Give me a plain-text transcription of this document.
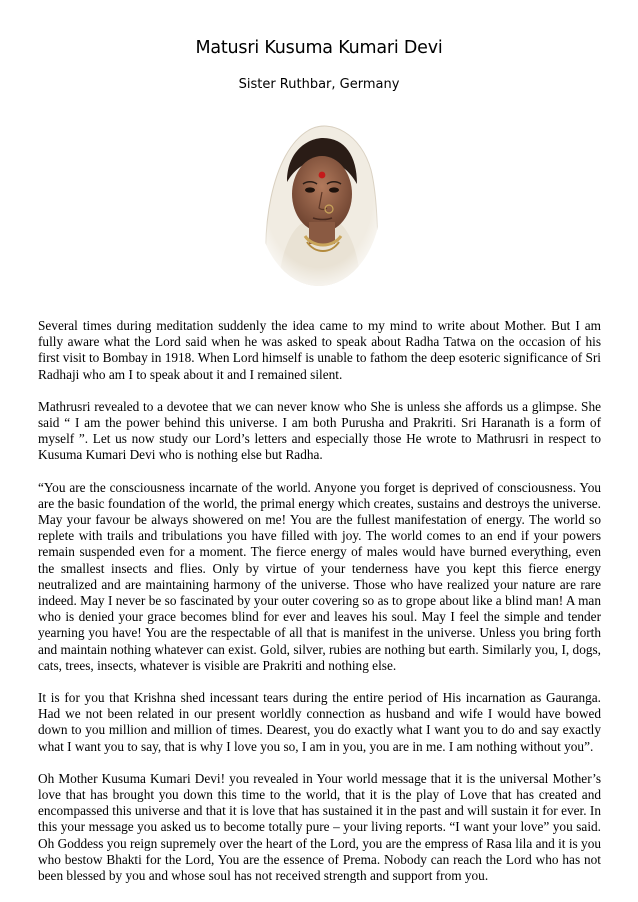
Matusri Kusuma Kumari Devi
Sister Ruthbar, Germany

Several times during meditation suddenly the idea came to my mind to write about Mother. But I am fully aware what the Lord said when he was asked to speak about Radha Tatwa on the occasion of his first visit to Bombay in 1918. When Lord himself is unable to fathom the deep esoteric significance of Sri Radhaji who am I to speak about it and I remained silent.

Mathrusri revealed to a devotee that we can never know who She is unless she affords us a glimpse. She said “ I am the power behind this universe. I am both Purusha and Prakriti. Sri Haranath is a form of myself ”. Let us now study our Lord’s letters and especially those He wrote to Mathrusri in respect to Kusuma Kumari Devi who is nothing else but Radha.

“You are the consciousness incarnate of the world. Anyone you forget is deprived of consciousness. You are the basic foundation of the world, the primal energy which creates, sustains and destroys the universe. May your favour be always showered on me! You are the fullest manifestation of energy. The world so replete with trails and tribulations you have filled with joy. The world comes to an end if your powers remain suspended even for a moment. The fierce energy of males would have burned everything, even the smallest insects and flies. Only by virtue of your tenderness have you kept this fierce energy neutralized and are maintaining harmony of the universe. Those who have realized your nature are rare indeed. May I never be so fascinated by your outer covering so as to grope about like a blind man! A man who is denied your grace becomes blind for ever and leaves his soul. May I feel the simple and tender yearning you have! You are the respectable of all that is manifest in the universe. Unless you bring forth and maintain nothing whatever can exist. Gold, silver, rubies are nothing but earth. Similarly you, I, dogs, cats, trees, insects, whatever is visible are Prakriti and nothing else.

It is for you that Krishna shed incessant tears during the entire period of His incarnation as Gauranga. Had we not been related in our present worldly connection as husband and wife I would have bowed down to you million and million of times. Dearest, you do exactly what I want you to do and say exactly what I want you to say, that is why I love you so, I am in you, you are in me. I am nothing without you”.

Oh Mother Kusuma Kumari Devi! you revealed in Your world message that it is the universal Mother’s love that has brought you down this time to the world, that it is the play of Love that has created and encompassed this universe and that it is love that has sustained it in the past and will sustain it for ever. In this your message you asked us to become totally pure – your living reports. “I want your love” you said. Oh Goddess you reign supremely over the heart of the Lord, you are the empress of Rasa lila and it is you who bestow Bhakti for the Lord, You are the essence of Prema. Nobody can reach the Lord who has not been blessed by you and whose soul has not received strength and support from you.
